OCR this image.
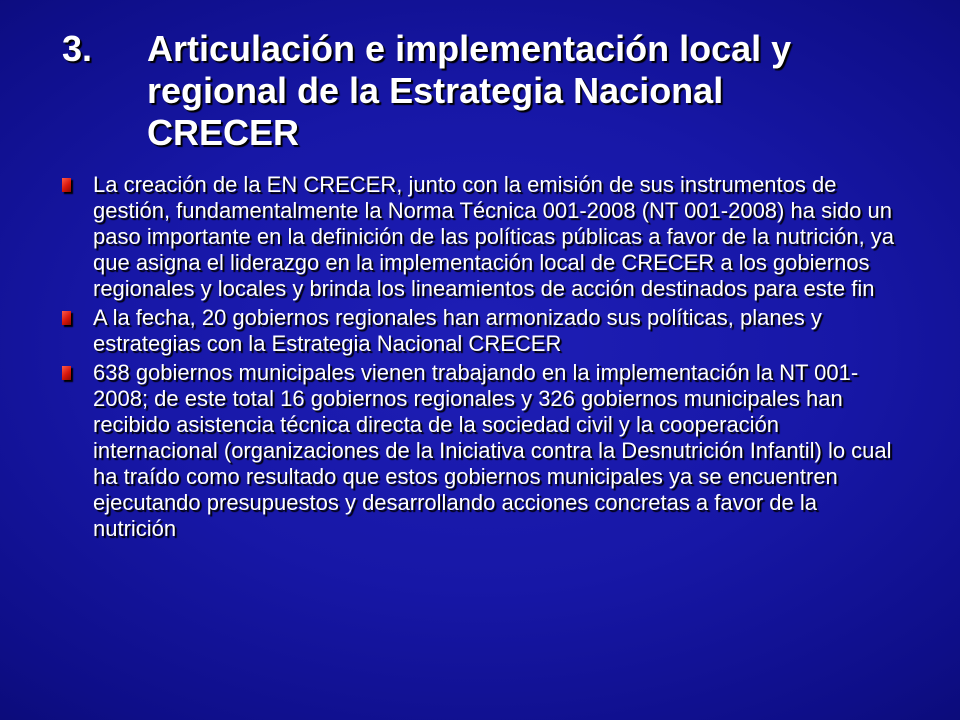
3. Articulación e implementación local y regional de la Estrategia Nacional CRECER
La creación de la EN CRECER, junto con la emisión de sus instrumentos de gestión, fundamentalmente la Norma Técnica 001-2008 (NT 001-2008) ha sido un paso importante en la definición de las políticas públicas a favor de la nutrición, ya que asigna el liderazgo en la implementación local de CRECER a los gobiernos regionales y locales y brinda los lineamientos de acción destinados para este fin
A la fecha, 20 gobiernos regionales han armonizado sus políticas, planes y estrategias con la Estrategia Nacional CRECER
638 gobiernos municipales vienen trabajando en la implementación la NT 001-2008; de este total 16 gobiernos regionales y 326 gobiernos municipales han recibido asistencia técnica directa de la sociedad civil y la cooperación internacional (organizaciones de la Iniciativa contra la Desnutrición Infantil) lo cual ha traído como resultado que estos gobiernos municipales ya se encuentren ejecutando presupuestos y desarrollando acciones concretas a favor de la nutrición
